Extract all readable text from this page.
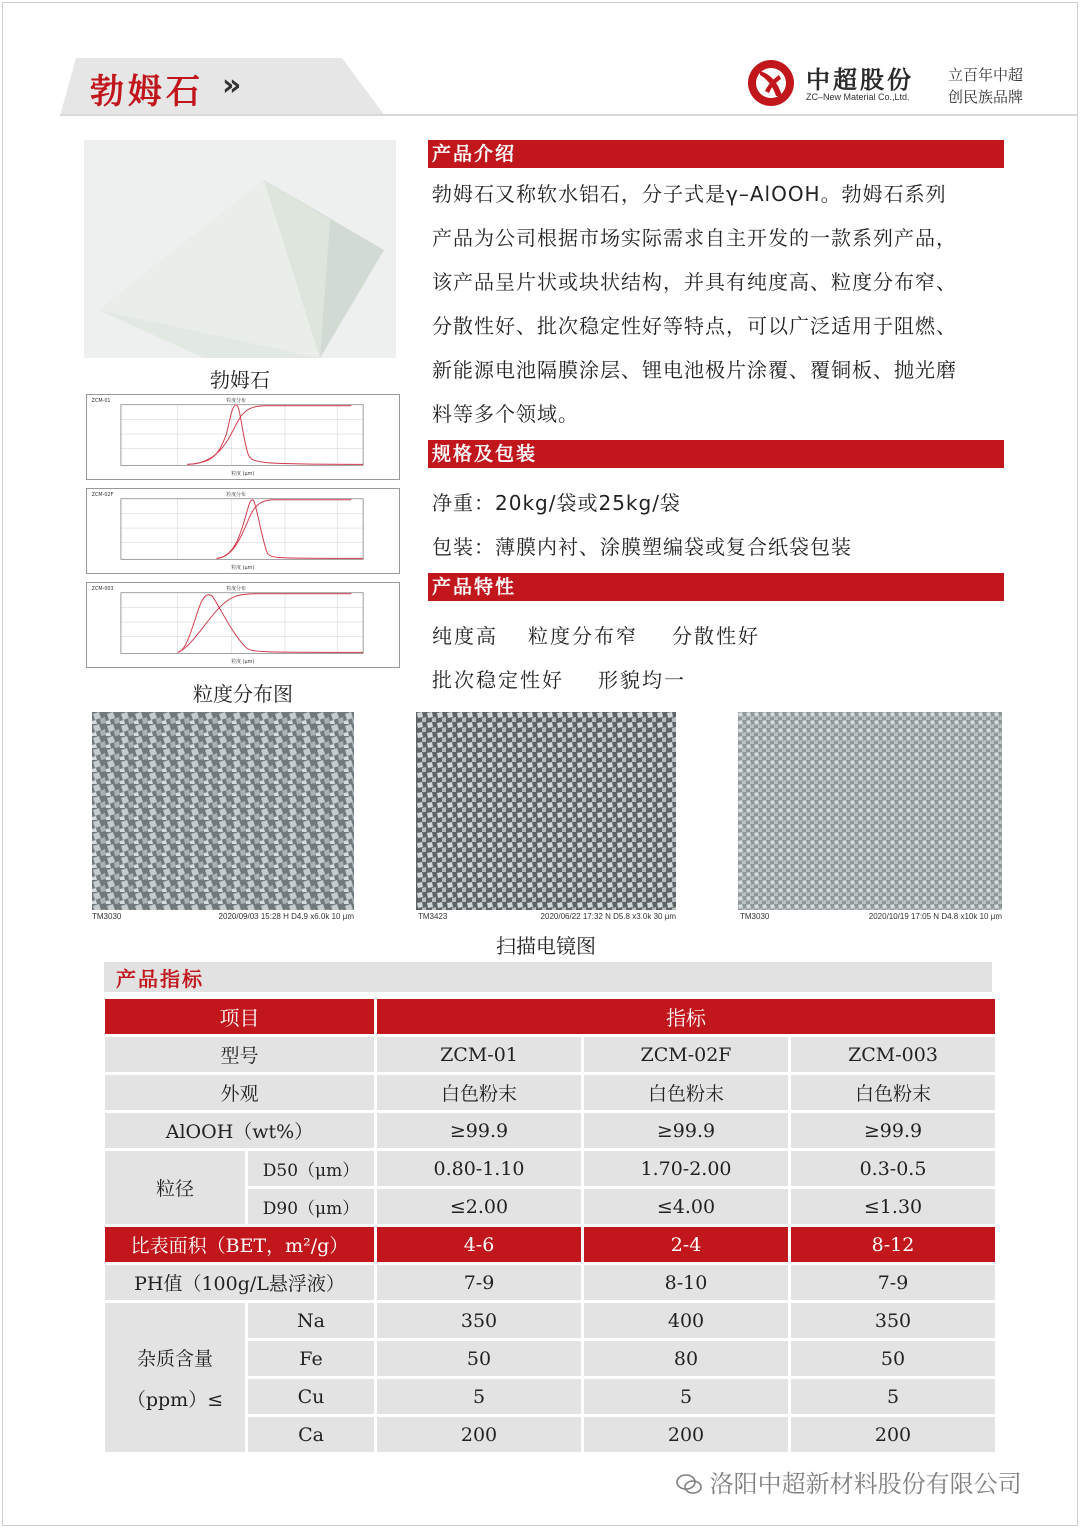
勃姆石 »	中超股份
ZC–New Material Co.,Ltd.
立百年中超
创民族品牌
勃姆石
ZCM-01	粒度分布
粒度 (μm)
ZCM-02F	粒度分布
粒度 (μm)
ZCM-003	粒度分布
粒度 (μm)
粒度分布图
产品介绍
勃姆石又称软水铝石，分子式是γ–AlOOH。勃姆石系列
产品为公司根据市场实际需求自主开发的一款系列产品，
该产品呈片状或块状结构，并具有纯度高、粒度分布窄、
分散性好、批次稳定性好等特点，可以广泛适用于阻燃、
新能源电池隔膜涂层、锂电池极片涂覆、覆铜板、抛光磨
料等多个领域。
规格及包装
净重：20kg/袋或25kg/袋
包装：薄膜内衬、涂膜塑编袋或复合纸袋包装
产品特性
纯度高 粒度分布窄 分散性好
批次稳定性好 形貌均一
TM3030	2020/09/03 15:28 H D4.9 x6.0k 10 μm	TM3423	2020/06/22 17:32 N D5.8 x3.0k 30 μm	TM3030	2020/10/19 17:05 N D4.8 x10k 10 μm
扫描电镜图
产品指标
项目		指标		
型号		ZCM-01	ZCM-02F	ZCM-003
外观		白色粉末	白色粉末	白色粉末
AlOOH（wt%）		≥99.9	≥99.9	≥99.9
粒径	D50（μm）	0.80-1.10	1.70-2.00	0.3-0.5
	D90（μm）	≤2.00	≤4.00	≤1.30
比表面积（BET，m²/g）		4-6	2-4	8-12
PH值（100g/L悬浮液）		7-9	8-10	7-9

杂质含量
（ppm）≤	Na	350	400	350
	Fe	50	80	50
	Cu	5	5	5
	Ca	200	200	200
洛阳中超新材料股份有限公司
